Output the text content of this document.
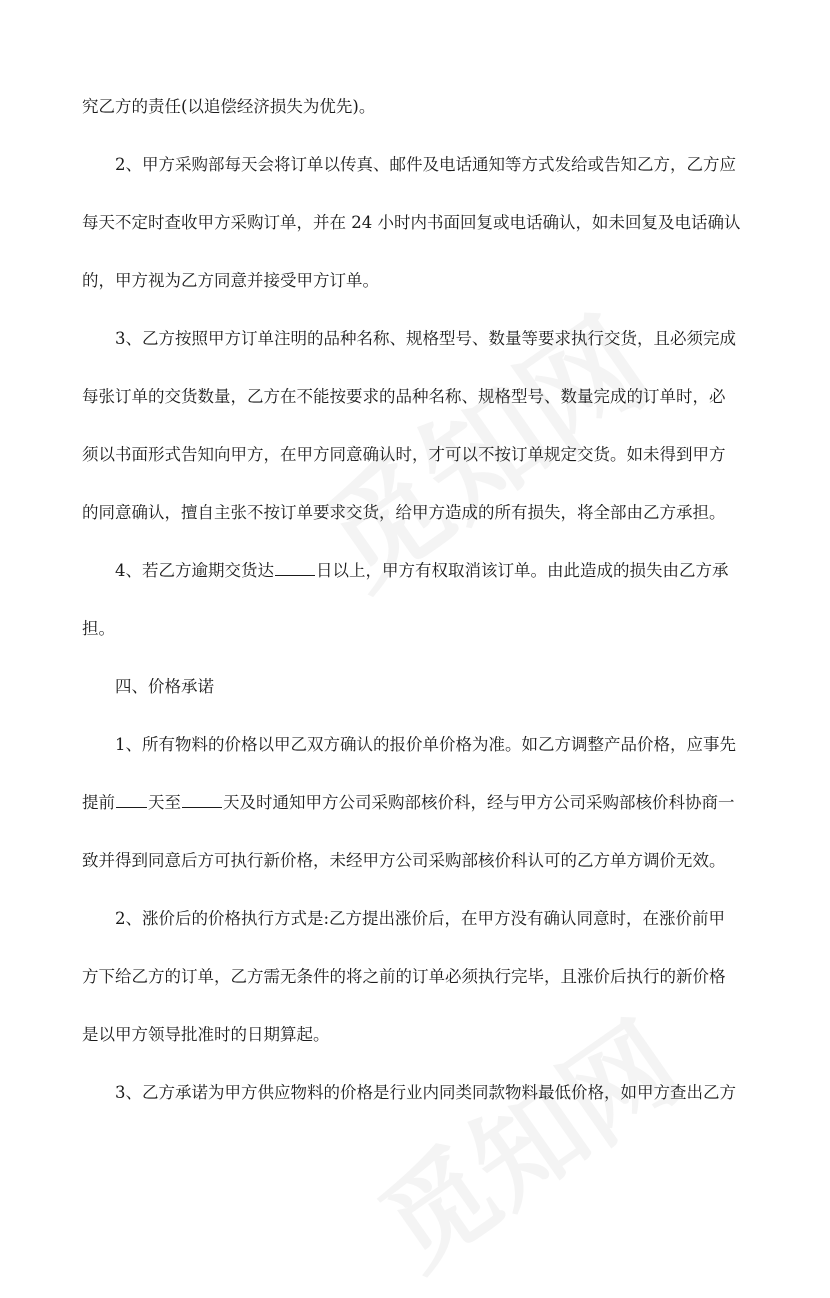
究乙方的责任(以追偿经济损失为优先)。
2、甲方采购部每天会将订单以传真、邮件及电话通知等方式发给或告知乙方，乙方应
每天不定时查收甲方采购订单，并在 24 小时内书面回复或电话确认，如未回复及电话确认
的，甲方视为乙方同意并接受甲方订单。
3、乙方按照甲方订单注明的品种名称、规格型号、数量等要求执行交货，且必须完成
每张订单的交货数量，乙方在不能按要求的品种名称、规格型号、数量完成的订单时，必
须以书面形式告知向甲方，在甲方同意确认时，才可以不按订单规定交货。如未得到甲方
的同意确认，擅自主张不按订单要求交货，给甲方造成的所有损失，将全部由乙方承担。
4、若乙方逾期交货达	日以上，甲方有权取消该订单。由此造成的损失由乙方承
担。
四、价格承诺
1、所有物料的价格以甲乙双方确认的报价单价格为准。如乙方调整产品价格，应事先
提前 天至	天及时通知甲方公司采购部核价科，经与甲方公司采购部核价科协商一
致并得到同意后方可执行新价格，未经甲方公司采购部核价科认可的乙方单方调价无效。
2、涨价后的价格执行方式是:乙方提出涨价后，在甲方没有确认同意时，在涨价前甲
方下给乙方的订单，乙方需无条件的将之前的订单必须执行完毕，且涨价后执行的新价格
是以甲方领导批准时的日期算起。
3、乙方承诺为甲方供应物料的价格是行业内同类同款物料最低价格，如甲方查出乙方
